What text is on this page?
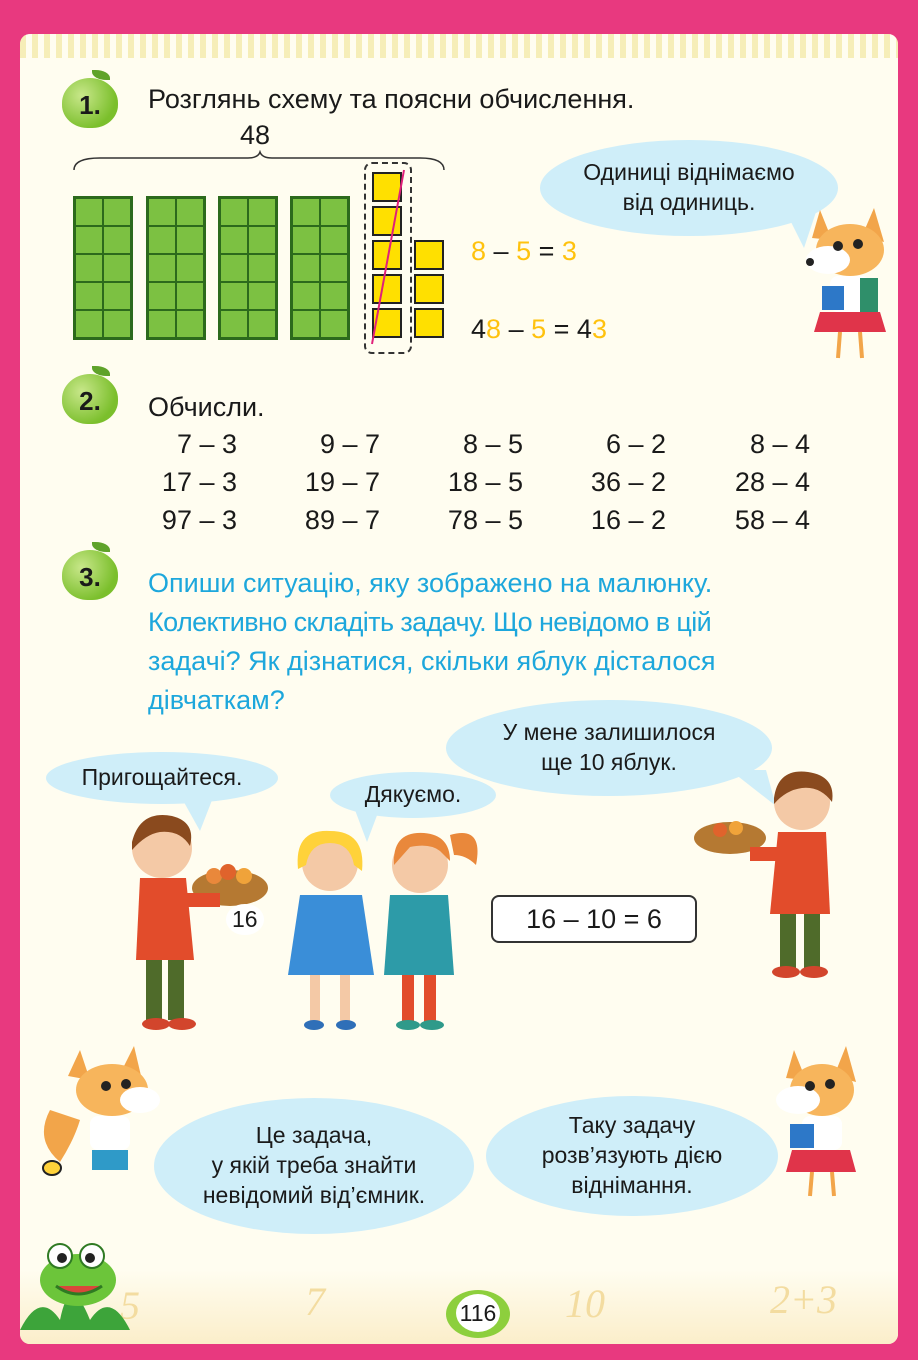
5	7	10	2+3
1.	Розглянь схему та поясни обчислення.
48
8 – 5 = 3
48 – 5 = 43
Одиниці віднімаємо
від одиниць.
2.	Обчисли.
7 – 3	9 – 7	8 – 5	6 – 2	8 – 4
17 – 3	19 – 7	18 – 5	36 – 2	28 – 4
97 – 3	89 – 7	78 – 5	16 – 2	58 – 4
3.	Опиши ситуацію, яку зображено на малюнку.
Колективно складіть задачу. Що невідомо в цій
задачі? Як дізнатися, скільки яблук дісталося
дівчаткам?
Пригощайтеся.
Дякуємо.
У мене залишилося
ще 10 яблук.
16	16 – 10 = 6
Це задача,
у якій треба знайти
невідомий від’ємник.
Таку задачу
розв’язують дією
віднімання.
116
